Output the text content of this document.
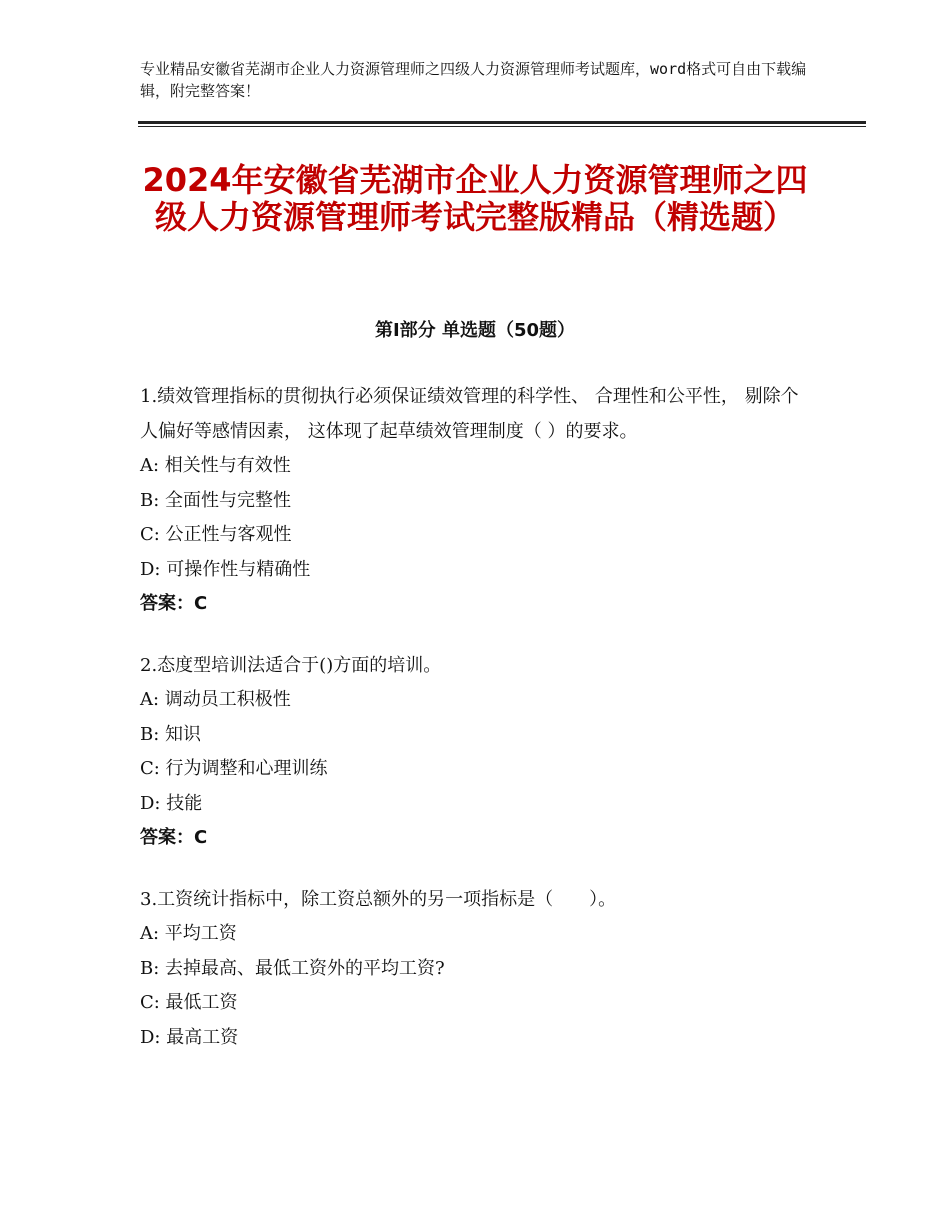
专业精品安徽省芜湖市企业人力资源管理师之四级人力资源管理师考试题库，word格式可自由下载编辑，附完整答案！
2024年安徽省芜湖市企业人力资源管理师之四级人力资源管理师考试完整版精品（精选题）
第Ⅰ部分 单选题（50题）

1.绩效管理指标的贯彻执行必须保证绩效管理的科学性、 合理性和公平性， 剔除个人偏好等感情因素， 这体现了起草绩效管理制度（ ）的要求。

A: 相关性与有效性

B: 全面性与完整性

C: 公正性与客观性

D: 可操作性与精确性

答案：C

2.态度型培训法适合于()方面的培训。

A: 调动员工积极性

B: 知识

C: 行为调整和心理训练

D: 技能

答案：C

3.工资统计指标中，除工资总额外的另一项指标是（　　）。

A: 平均工资

B: 去掉最高、最低工资外的平均工资?

C: 最低工资

D: 最高工资
